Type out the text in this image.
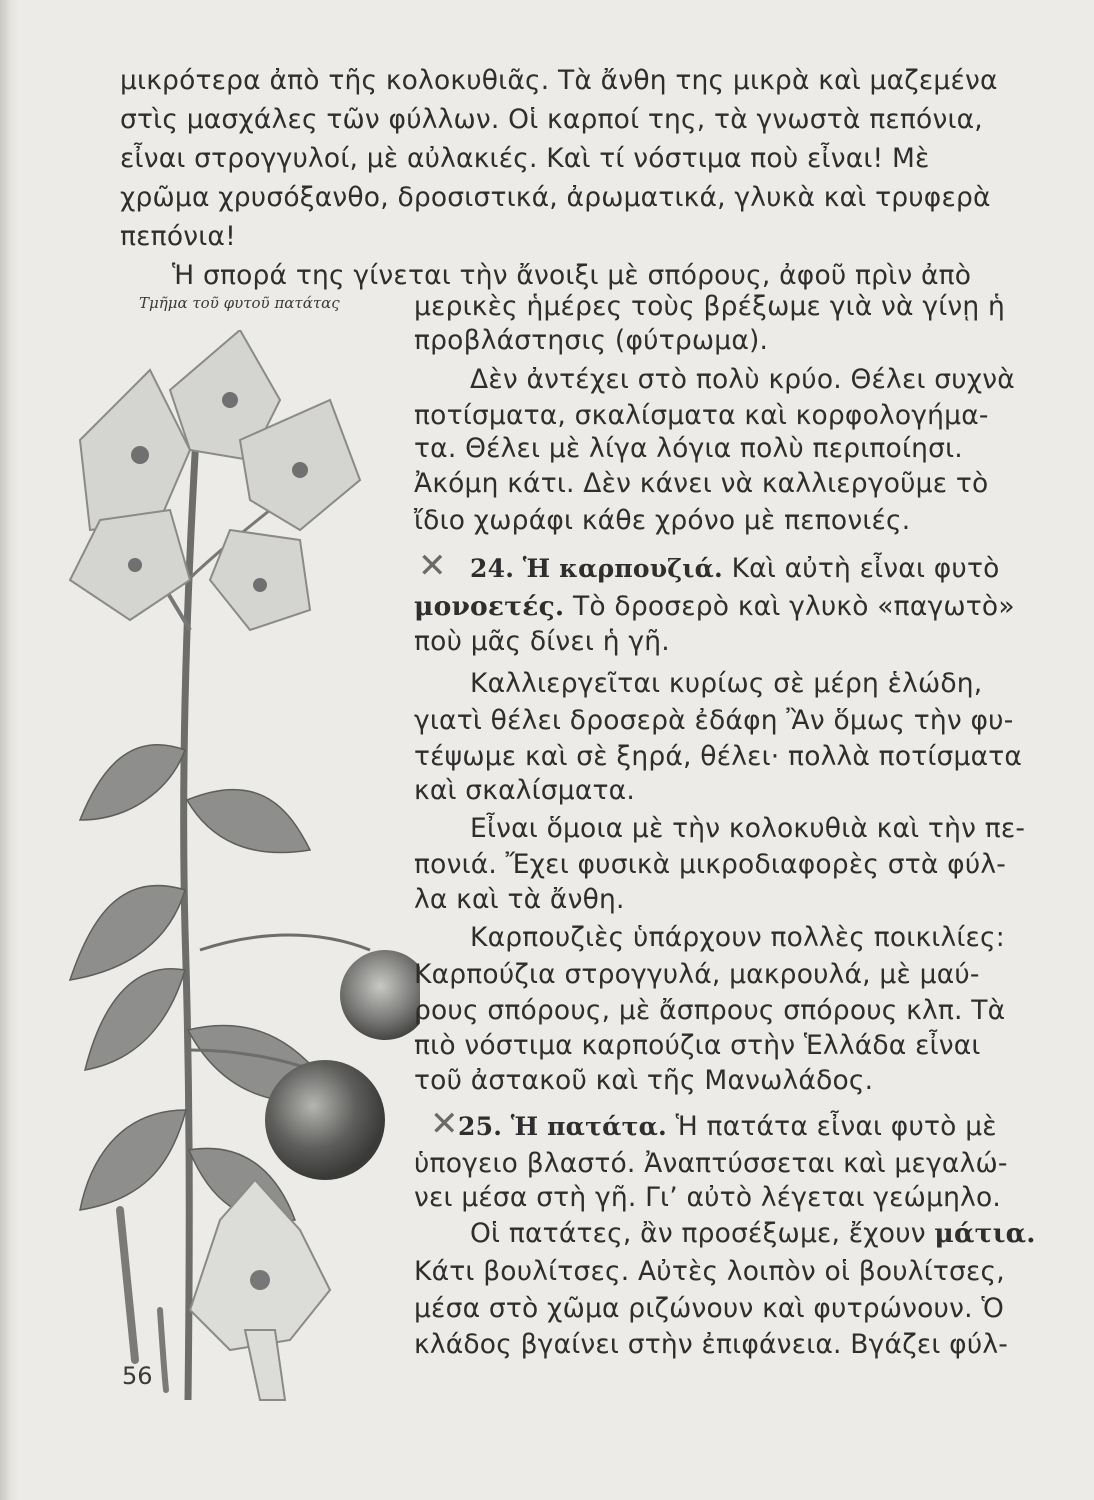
μικρότερα ἀπὸ τῆς κολοκυθιᾶς. Τὰ ἄνθη της μικρὰ καὶ μαζεμένα
στὶς μασχάλες τῶν φύλλων. Οἱ καρποί της, τὰ γνωστὰ πεπόνια,
εἶναι στρογγυλοί, μὲ αὐλακιές. Καὶ τί νόστιμα ποὺ εἶναι! Μὲ
χρῶμα χρυσόξανθο, δροσιστικά, ἀρωματικά, γλυκὰ καὶ τρυφερὰ
πεπόνια!
Ἡ σπορά της γίνεται τὴν ἄνοιξι μὲ σπόρους, ἀφοῦ πρὶν ἀπὸ
Τμῆμα τοῦ φυτοῦ πατάτας	μερικὲς ἡμέρες τοὺς βρέξωμε γιὰ νὰ γίνῃ ἡ
προβλάστησις (φύτρωμα).
Δὲν ἀντέχει στὸ πολὺ κρύο. Θέλει συχνὰ
ποτίσματα, σκαλίσματα καὶ κορφολογήμα-
τα. Θέλει μὲ λίγα λόγια πολὺ περιποίησι.
Ἀκόμη κάτι. Δὲν κάνει νὰ καλλιεργοῦμε τὸ
ἴδιο χωράφι κάθε χρόνο μὲ πεπονιές.
✕ 24. Ἡ καρπουζιά. Καὶ αὐτὴ εἶναι φυτὸ
μονοετές. Τὸ δροσερὸ καὶ γλυκὸ «παγωτὸ»
ποὺ μᾶς δίνει ἡ γῆ.
Καλλιεργεῖται κυρίως σὲ μέρη ἑλώδη,
γιατὶ θέλει δροσερὰ ἐδάφη Ἂν ὅμως τὴν φυ-
τέψωμε καὶ σὲ ξηρά, θέλει· πολλὰ ποτίσματα
καὶ σκαλίσματα.
Εἶναι ὅμοια μὲ τὴν κολοκυθιὰ καὶ τὴν πε-
πονιά. Ἔχει φυσικὰ μικροδιαφορὲς στὰ φύλ-
λα καὶ τὰ ἄνθη.
Καρπουζιὲς ὑπάρχουν πολλὲς ποικιλίες:
Καρπούζια στρογγυλά, μακρουλά, μὲ μαύ-
ρους σπόρους, μὲ ἄσπρους σπόρους κλπ. Τὰ
πιὸ νόστιμα καρπούζια στὴν Ἑλλάδα εἶναι
τοῦ ἀστακοῦ καὶ τῆς Μανωλάδος.
✕ 25. Ἡ πατάτα. Ἡ πατάτα εἶναι φυτὸ μὲ
ὑπογειο βλαστό. Ἀναπτύσσεται καὶ μεγαλώ-
νει μέσα στὴ γῆ. Γι’ αὐτὸ λέγεται γεώμηλο.
Οἱ πατάτες, ἂν προσέξωμε, ἔχουν μάτια.
Κάτι βουλίτσες. Αὐτὲς λοιπὸν οἱ βουλίτσες,
μέσα στὸ χῶμα ριζώνουν καὶ φυτρώνουν. Ὁ
κλάδος βγαίνει στὴν ἐπιφάνεια. Βγάζει φύλ-
56
